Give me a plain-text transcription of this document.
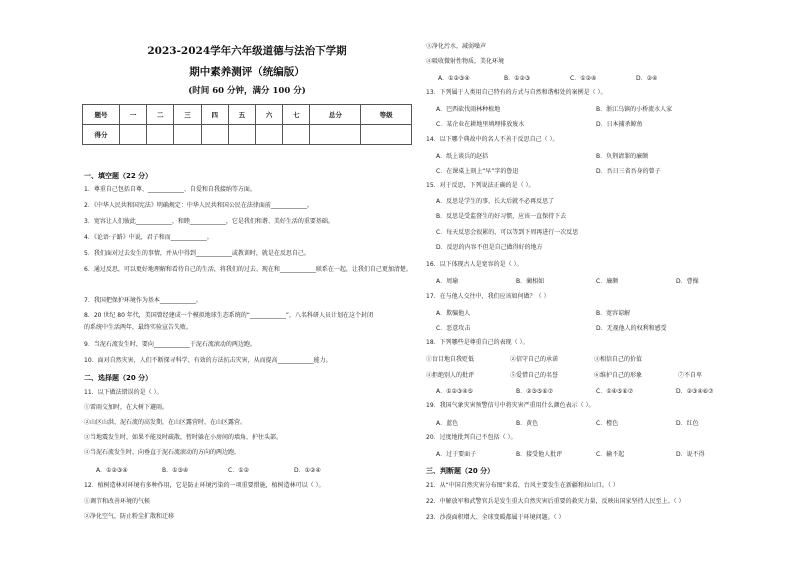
2023-2024学年六年级道德与法治下学期
期中素养测评（统编版）
(时间 60 分钟，满分 100 分)
题号	一	二	三	四	五	六	七	总分	等级
得分									
一、填空题（22 分）
1．尊重自己包括自尊、____________、自爱和自我接纳等方面。
2．《中华人民共和国宪法》明确规定：中华人民共和国公民在法律面前____________。
3．宽容让人们彼此____________、和睦____________，它是我们和谐、美好生活的重要基础。
4．《论语·子路》中说，君子和而____________。
5．我们面对过去发生的事情，并从中得到____________或教训时，就是在反思自己。
6．通过反思，可以更好地理解和看待自己的生活，将我们的过去、现在和____________联系在一起，让我们自己更加清楚。
7．我国把保护环境作为基本____________。
8．20 世纪 80 年代，美国曾经建成一个模拟地球生态系统的“____________”，八名科研人员计划在这个封闭
的系统中生活两年，最终实验宣告失败。
9．当泥石流发生时，要向____________于泥石流滚动的两边跑。
10．面对自然灾害，人们不断探寻科学、有效的方法抗击灾害，从而提高____________能力。
二、选择题（20 分）
11．以下做法错误的是（ ）。
①雷雨交加时，在大树下避雨。
②山区山洪、泥石流的高发期，在山区露营时，在山区露营。
③当地震发生时，如果不能及时疏散，暂时躲在小房间的墙角，护住头部。
④当泥石流发生时，向垂直于泥石流滚动的方向的两边跑。
A．①②③④	B．①③④	C．①②	D．①②④
12．植树造林对环境有多种作用，它是防止环境污染的一项重要措施，植树造林可以（ ）。
①调节和改善环境的气候
②净化空气，防止粉尘扩散和迁移
③净化污水，减弱噪声
④吸收微射性物质，美化环境
A．①②③④	B．①②③	C．①②④	D．②④
13．下列属于人类用自己特有的方式与自然和谐相处的案例是（ ）。
A．巴西砍伐雨林种植地	B．浙江乌镇的小桥流水人家
C．某企业在耕地里填埋排放废水	D．日本捕杀鲸鱼
14．以下哪个典故中的名人不善于反思自己（ ）。
A．纸上谈兵的赵括	B．负荆请罪的廉颇
C．在课桌上刻上“早”字的鲁迅	D．吾日三省吾身的曾子
15．对于反思，下列说法正确的是（ ）。
A．反思是学生的事，长大后就不必再反思了
B．反思是受监督生的好习惯，应该一直保持下去
C．每天反思会很累的，可以等到下周再进行一次反思
D．反思的内容不但是自己做得好的地方
16．以下体现古人是宽容的是（ ）。
A．周瑜	B．蔺相如	C．廉颇	D．曹操
17．在与他人交往中，我们应该如何做？（ ）
A．欺骗他人	B．宽容谅解
C．恶意攻击	D．无视他人的权利和感受
18．下列哪些是尊重自己的表现（ ）。
①盲目地自我贬低	②信守自己的承诺	③相信自己的价值
④拒绝别人的批评	⑤爱惜自己的名誉	⑥维护自己的形象	⑦不自卑
A．①②③④⑤	B．②③⑤⑥⑦	C．①④⑤⑥⑦	D．②③④⑥⑦
19．我国气象灾害预警信号中将灾害严重用什么颜色表示（ ）。
A．蓝色	B．黄色	C．橙色	D．红色
20．过度地批判自己不包括（ ）。
A．过于要面子	B．接受他人批评	C．输不起	D．说不得
三、判断题（20 分）
21．从“中国自然灾害分布图”来看，台风主要发生在新疆和拉山口。（ ）
22．中解放军和武警官兵是发生重大自然灾害后重要的救灾力量，反映出国家坚持人民至上。（ ）
23．沙漠面积增大、全球变暖都属于环境问题。（ ）
